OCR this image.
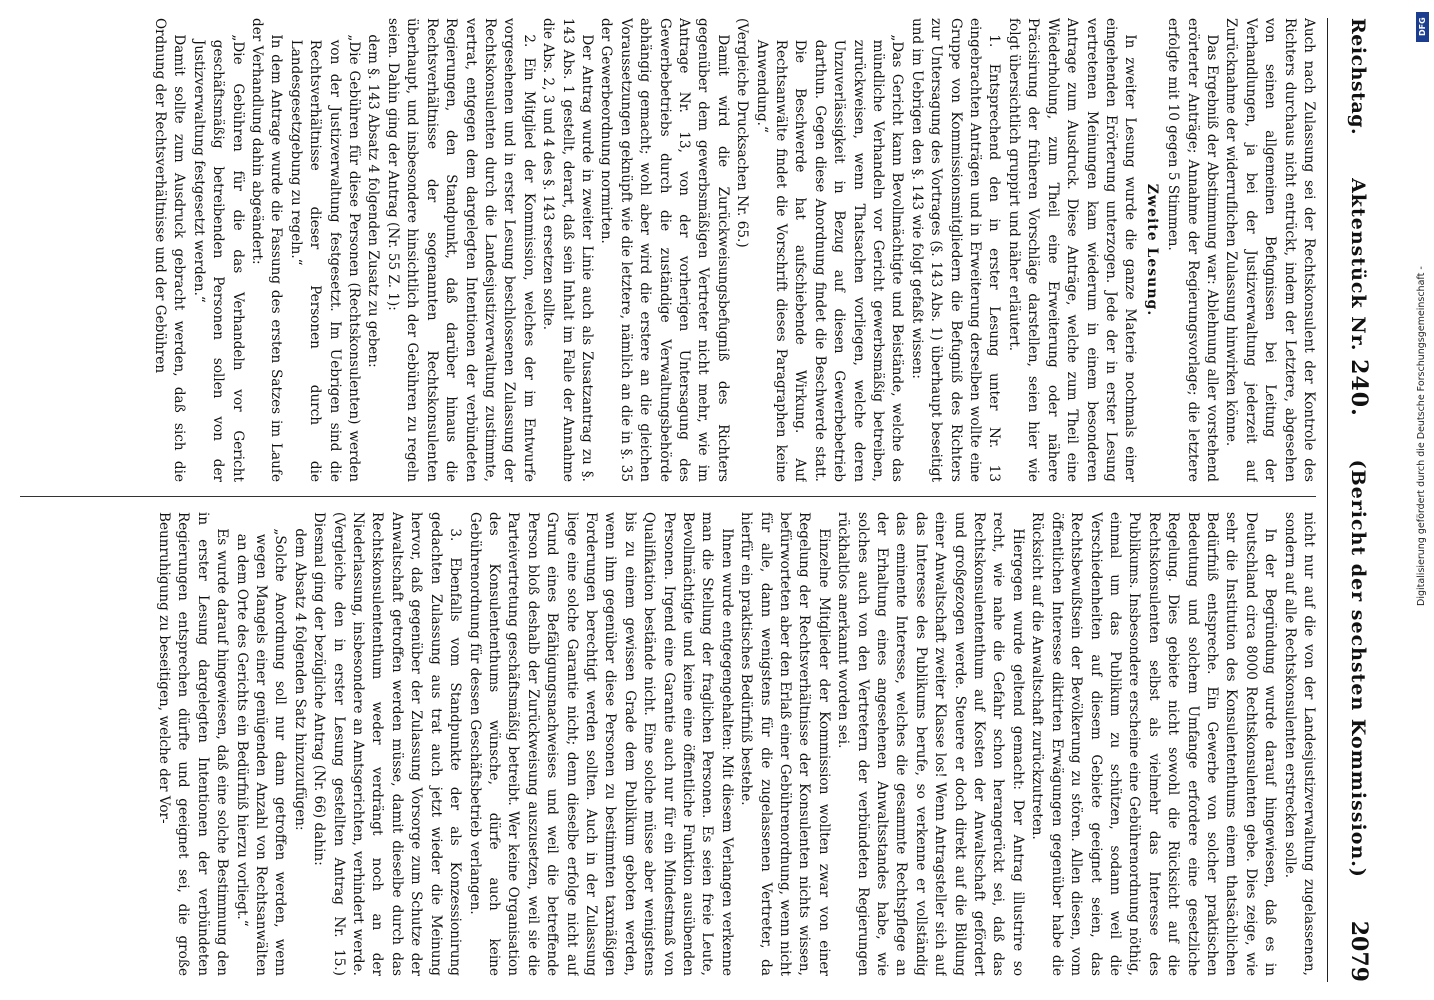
Reichstag.
Aktenstück Nr. 240.
(Bericht der sechsten Kommission.)
2079

Auch nach Zulassung sei der Rechtskonsulent der Kontrole des Richters durchaus nicht entrückt, indem der Letztere, abgesehen von seinen allgemeinen Befugnissen bei Leitung der Verhandlungen, ja bei der Justizverwaltung jederzeit auf Zurücknahme der widerruflichen Zulassung hinwirken könne.

Das Ergebniß der Abstimmung war: Ablehnung aller vorstehend erörterter Anträge; Annahme der Regierungsvorlage; die letztere erfolgte mit 10 gegen 5 Stimmen.

Zweite Lesung.

In zweiter Lesung wurde die ganze Materie nochmals einer eingehenden Erörterung unterzogen. Jede der in erster Lesung vertretenen Meinungen kam wiederum in einem besonderen Antrage zum Ausdruck. Diese Anträge, welche zum Theil eine Wiederholung, zum Theil eine Erweiterung oder nähere Präcisirung der früheren Vorschläge darstellen, seien hier wie folgt übersichtlich gruppirt und näher erläutert.

1. Entsprechend den in erster Lesung unter Nr. 13 eingebrachten Anträgen und in Erweiterung derselben wollte eine Gruppe von Kommissionsmitgliedern die Befugniß des Richters zur Untersagung des Vortrages (§. 143 Abs. 1) überhaupt beseitigt und im Uebrigen den §. 143 wie folgt gefaßt wissen:

„Das Gericht kann Bevollmächtigte und Beistände, welche das mündliche Verhandeln vor Gericht gewerbsmäßig betreiben, zurückweisen, wenn Thatsachen vorliegen, welche deren Unzuverlässigkeit in Bezug auf diesen Gewerbebetrieb darthun. Gegen diese Anordnung findet die Beschwerde statt. Die Beschwerde hat aufschiebende Wirkung. Auf Rechtsanwälte findet die Vorschrift dieses Paragraphen keine Anwendung.“

(Vergleiche Drucksachen Nr. 65.)

Damit wird die Zurückweisungsbefugniß des Richters gegenüber dem gewerbsmäßigen Vertreter nicht mehr, wie im Antrage Nr. 13, von der vorherigen Untersagung des Gewerbebetriebs durch die zuständige Verwaltungsbehörde abhängig gemacht; wohl aber wird die erstere an die gleichen Voraussetzungen geknüpft wie die letztere, nämlich an die in §. 35 der Gewerbeordnung normirten.

Der Antrag wurde in zweiter Linie auch als Zusatzantrag zu §. 143 Abs. 1 gestellt, derart, daß sein Inhalt im Falle der Annahme die Abs. 2, 3 und 4 des §. 143 ersetzen sollte.

2. Ein Mitglied der Kommission, welches der im Entwurfe vorgesehenen und in erster Lesung beschlossenen Zulassung der Rechtskonsulenten durch die Landesjustizverwaltung zustimmte, vertrat, entgegen dem dargelegten Intentionen der verbündeten Regierungen, den Standpunkt, daß darüber hinaus die Rechtsverhältnisse der sogenannten Rechtskonsulenten überhaupt, und insbesondere hinsichtlich der Gebühren zu regeln seien. Dahin ging der Antrag (Nr. 55 Z. 1):

dem §. 143 Absatz 4 folgenden Zusatz zu geben:

„Die Gebühren für diese Personen (Rechtskonsulenten) werden von der Justizverwaltung festgesetzt. Im Uebrigen sind die Rechtsverhältnisse dieser Personen durch die Landesgesetzgebung zu regeln.“

In dem Antrage wurde die Fassung des ersten Satzes im Laufe der Verhandlung dahin abgeändert:

„Die Gebühren für die das Verhandeln vor Gericht geschäftsmäßig betreibenden Personen sollen von der Justizverwaltung festgesetzt werden.“

Damit sollte zum Ausdruck gebracht werden, daß sich die Ordnung der Rechtsverhältnisse und der Gebühren

nicht nur auf die von der Landesjustizverwaltung zugelassenen, sondern auf alle Rechtskonsulenten erstrecken solle.

In der Begründung wurde darauf hingewiesen, daß es in Deutschland circa 8000 Rechtskonsulenten gebe. Dies zeige, wie sehr die Institution des Konsulententhums einem thatsächlichen Bedürfniß entspreche. Ein Gewerbe von solcher praktischen Bedeutung und solchem Umfange erfordere eine gesetzliche Regelung. Dies gebiete nicht sowohl die Rücksicht auf die Rechtskonsulenten selbst als vielmehr das Interesse des Publikums. Insbesondere erscheine eine Gebührenordnung nöthig, einmal um das Publikum zu schützen, sodann weil die Verschiedenheiten auf diesem Gebiete geeignet seien, das Rechtsbewußtsein der Bevölkerung zu stören. Allen diesen, vom öffentlichen Interesse diktirten Erwägungen gegenüber habe die Rücksicht auf die Anwaltschaft zurückzutreten.

Hiergegen wurde geltend gemacht: Der Antrag illustrire so recht, wie nahe die Gefahr schon herangerückt sei, daß das Rechtskonsulententhum auf Kosten der Anwaltschaft gefördert und großgezogen werde. Steuere er doch direkt auf die Bildung einer Anwaltschaft zweiter Klasse los! Wenn Antragsteller sich auf das Interesse des Publikums berufe, so verkenne er vollständig das eminente Interesse, welches die gesammte Rechtspflege an der Erhaltung eines angesehenen Anwaltsstandes habe, wie solches auch von den Vertretern der verbündeten Regierungen rückhaltlos anerkannt worden sei.

Einzelne Mitglieder der Kommission wollten zwar von einer Regelung der Rechtsverhältnisse der Konsulenten nichts wissen, befürworteten aber den Erlaß einer Gebührenordnung, wenn nicht für alle, dann wenigstens für die zugelassenen Vertreter, da hierfür ein praktisches Bedürfniß bestehe.

Ihnen wurde entgegengehalten: Mit diesem Verlangen verkenne man die Stellung der fraglichen Personen. Es seien freie Leute, Bevollmächtigte und keine eine öffentliche Funktion ausübenden Personen. Irgend eine Garantie auch nur für ein Mindestmaß von Qualifikation bestände nicht. Eine solche müsse aber wenigstens bis zu einem gewissen Grade dem Publikum geboten werden, wenn ihm gegenüber diese Personen zu bestimmten taxmäßigen Forderungen berechtigt werden sollten. Auch in der Zulassung liege eine solche Garantie nicht; denn dieselbe erfolge nicht auf Grund eines Befähigungsnachweises und weil die betreffende Person bloß deshalb der Zurückweisung auszusetzen, weil sie die Parteivertretung geschäftsmäßig betreibt. Wer keine Organisation des Konsulententhums wünsche, dürfe auch keine Gebührenordnung für dessen Geschäftsbetrieb verlangen.

3. Ebenfalls vom Standpunkte der als Konzessionirung gedachten Zulassung aus trat auch jetzt wieder die Meinung hervor, daß gegenüber der Zulassung Vorsorge zum Schutze der Anwaltschaft getroffen werden müsse, damit dieselbe durch das Rechtskonsulententhum weder verdrängt noch an der Niederlassung, insbesondere an Amtsgerichten, verhindert werde. (Vergleiche den in erster Lesung gestellten Antrag Nr. 15.) Diesmal ging der bezügliche Antrag (Nr. 66) dahin:

dem Absatz 4 folgenden Satz hinzuzufügen:

„Solche Anordnung soll nur dann getroffen werden, wenn wegen Mangels einer genügenden Anzahl von Rechtsanwälten an dem Orte des Gerichts ein Bedürfniß hierzu vorliegt.“

Es wurde darauf hingewiesen, daß eine solche Bestimmung den in erster Lesung dargelegten Intentionen der verbündeten Regierungen entsprechen dürfte und geeignet sei, die große Beunruhigung zu beseitigen, welche der Vor-

DFG
Digitalisierung gefördert durch die Deutsche Forschungsgemeinschaft -
